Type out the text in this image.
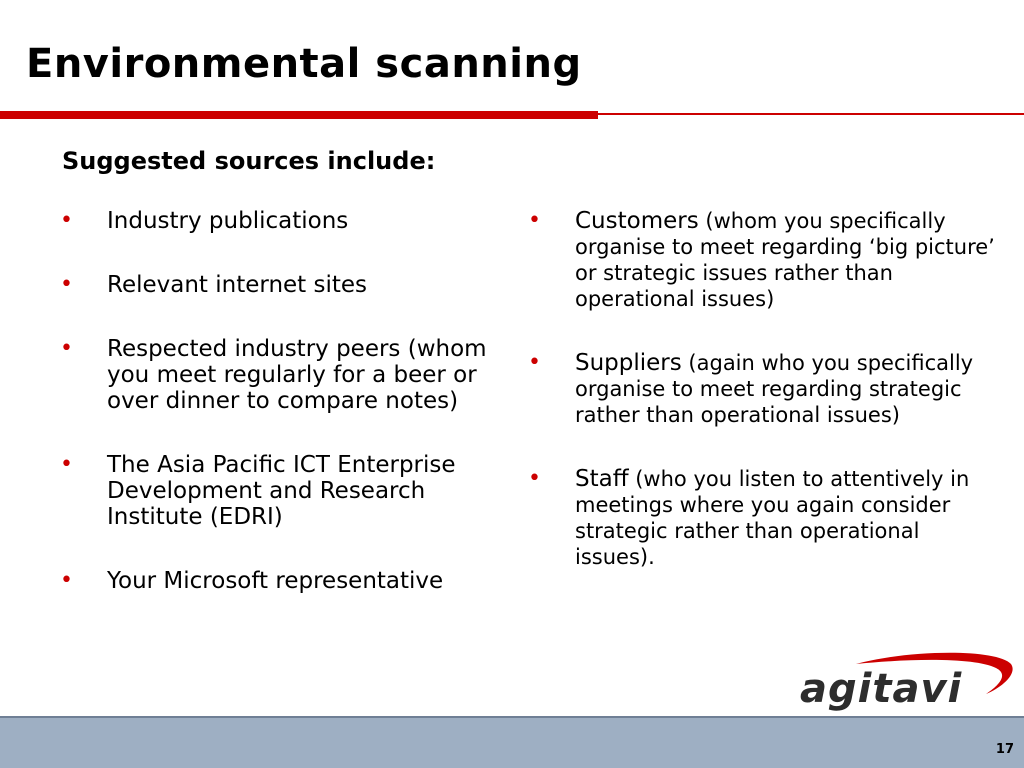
Environmental scanning
Suggested sources include:
• Industry publications
• Relevant internet sites
• Respected industry peers (whom you meet regularly for a beer or over dinner to compare notes)
• The Asia Pacific ICT Enterprise Development and Research Institute (EDRI)
• Your Microsoft representative
• Customers (whom you specifically organise to meet regarding ‘big picture’ or strategic issues rather than operational issues)
• Suppliers (again who you specifically organise to meet regarding strategic rather than operational issues)
• Staff (who you listen to attentively in meetings where you again consider strategic rather than operational issues).
agitavi
17
